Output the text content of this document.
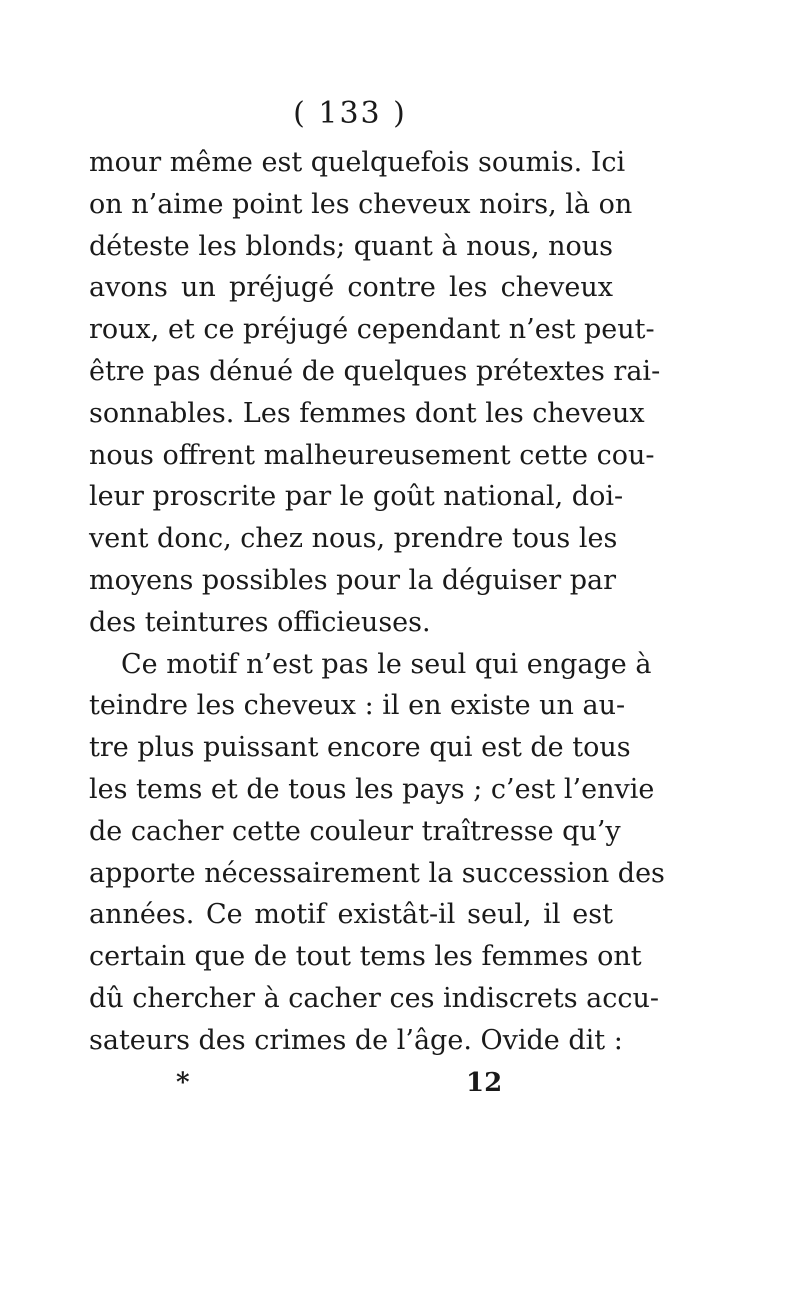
( 133 )
mour même est quelquefois soumis. Ici
on n’aime point les cheveux noirs, là on
déteste les blonds; quant à nous, nous
avons un préjugé contre les cheveux
roux, et ce préjugé cependant n’est peut-
être pas dénué de quelques prétextes rai-
sonnables. Les femmes dont les cheveux
nous offrent malheureusement cette cou-
leur proscrite par le goût national, doi-
vent donc, chez nous, prendre tous les
moyens possibles pour la déguiser par
des teintures officieuses.
Ce motif n’est pas le seul qui engage à
teindre les cheveux : il en existe un au-
tre plus puissant encore qui est de tous
les tems et de tous les pays ; c’est l’envie
de cacher cette couleur traîtresse qu’y
apporte nécessairement la succession des
années. Ce motif existât-il seul, il est
certain que de tout tems les femmes ont
dû chercher à cacher ces indiscrets accu-
sateurs des crimes de l’âge. Ovide dit :
*	12
